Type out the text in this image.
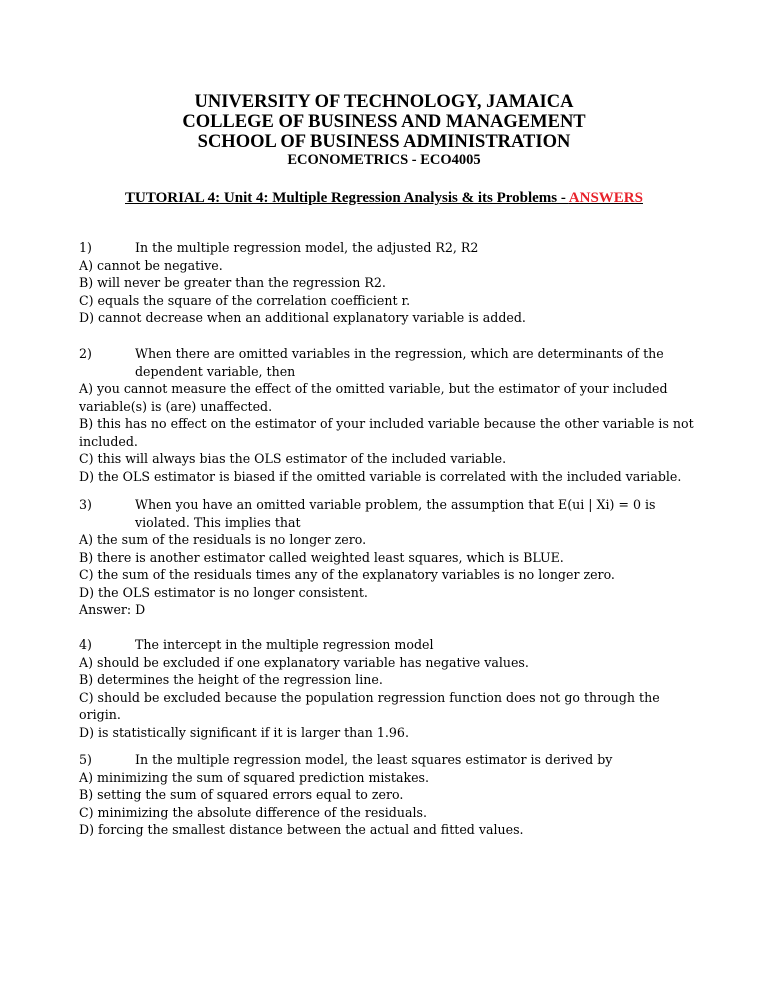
UNIVERSITY OF TECHNOLOGY, JAMAICA
COLLEGE OF BUSINESS AND MANAGEMENT
SCHOOL OF BUSINESS ADMINISTRATION
ECONOMETRICS - ECO4005
TUTORIAL 4: Unit 4: Multiple Regression Analysis & its Problems - ANSWERS
1)	In the multiple regression model, the adjusted R2, R2

A) cannot be negative.

B) will never be greater than the regression R2.

C) equals the square of the correlation coefficient r.

D) cannot decrease when an additional explanatory variable is added.

2)	When there are omitted variables in the regression, which are determinants of the dependent variable, then

A) you cannot measure the effect of the omitted variable, but the estimator of your included variable(s) is (are) unaffected.

B) this has no effect on the estimator of your included variable because the other variable is not included.

C) this will always bias the OLS estimator of the included variable.

D) the OLS estimator is biased if the omitted variable is correlated with the included variable.

3)	When you have an omitted variable problem, the assumption that E(ui | Xi) = 0 is violated. This implies that

A) the sum of the residuals is no longer zero.

B) there is another estimator called weighted least squares, which is BLUE.

C) the sum of the residuals times any of the explanatory variables is no longer zero.

D) the OLS estimator is no longer consistent.

Answer: D

4)	The intercept in the multiple regression model

A) should be excluded if one explanatory variable has negative values.

B) determines the height of the regression line.

C) should be excluded because the population regression function does not go through the origin.

D) is statistically significant if it is larger than 1.96.

5)	In the multiple regression model, the least squares estimator is derived by

A) minimizing the sum of squared prediction mistakes.

B) setting the sum of squared errors equal to zero.

C) minimizing the absolute difference of the residuals.

D) forcing the smallest distance between the actual and fitted values.
